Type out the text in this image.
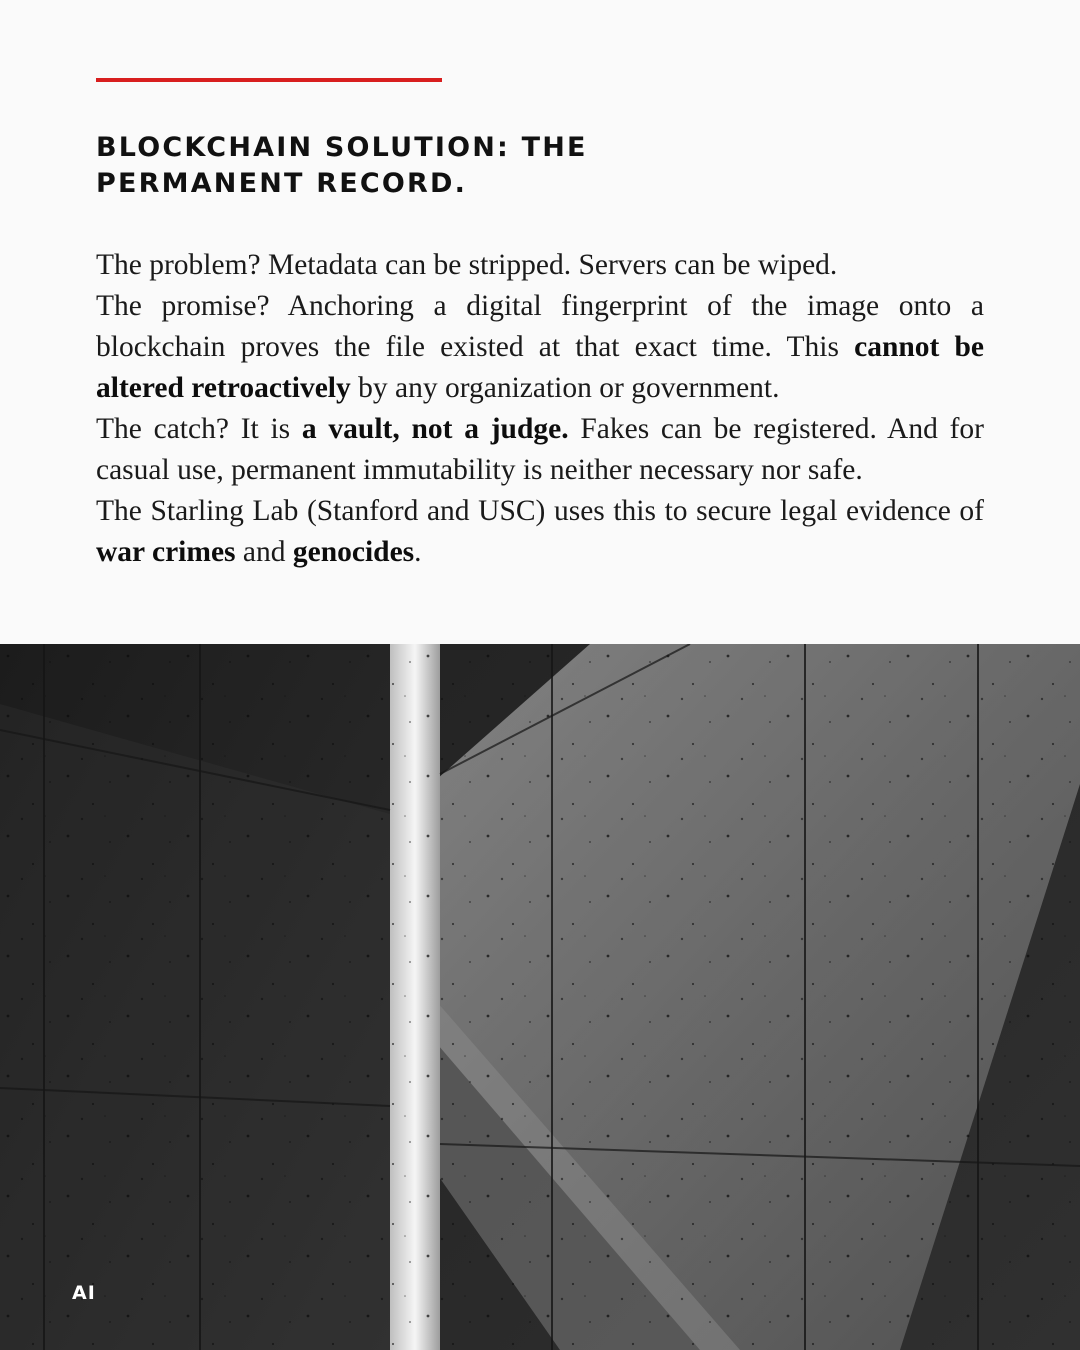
BLOCKCHAIN SOLUTION: THE
PERMANENT RECORD.

The problem? Metadata can be stripped. Servers can be wiped.

The promise? Anchoring a digital fingerprint of the image onto a blockchain proves the file existed at that exact time. This cannot be altered retroactively by any organization or government.

The catch? It is a vault, not a judge. Fakes can be registered. And for casual use, permanent immutability is neither necessary nor safe.

The Starling Lab (Stanford and USC) uses this to secure legal evidence of war crimes and genocides.

AI
